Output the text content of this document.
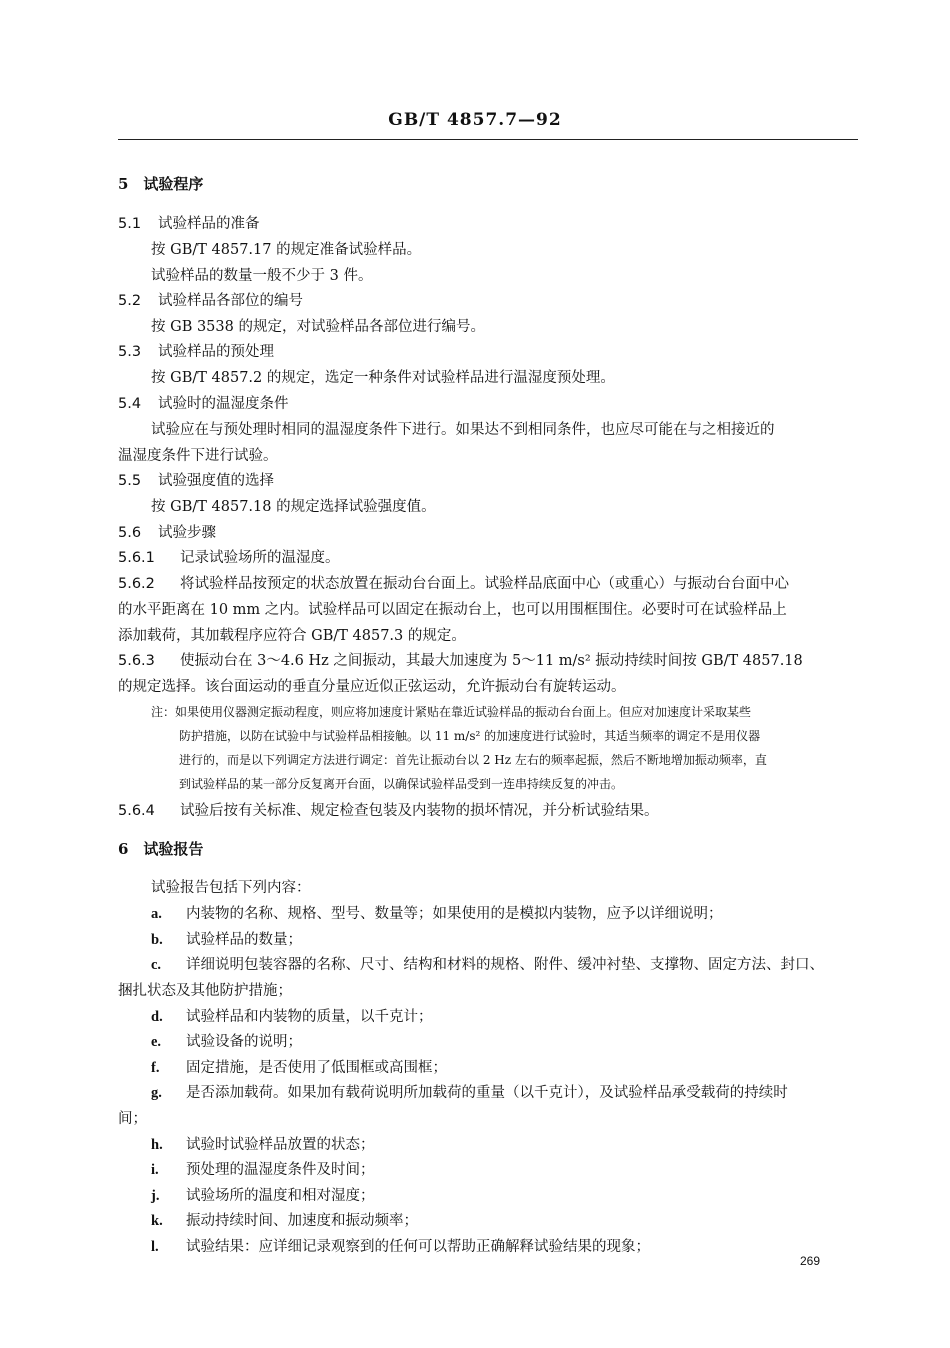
GB/T 4857.7—92
5　试验程序
5.1 试验样品的准备
按 GB/T 4857.17 的规定准备试验样品。
试验样品的数量一般不少于 3 件。
5.2 试验样品各部位的编号
按 GB 3538 的规定，对试验样品各部位进行编号。
5.3 试验样品的预处理
按 GB/T 4857.2 的规定，选定一种条件对试验样品进行温湿度预处理。
5.4 试验时的温湿度条件
试验应在与预处理时相同的温湿度条件下进行。如果达不到相同条件，也应尽可能在与之相接近的
温湿度条件下进行试验。
5.5 试验强度值的选择
按 GB/T 4857.18 的规定选择试验强度值。
5.6 试验步骤
5.6.1 记录试验场所的温湿度。
5.6.2 将试验样品按预定的状态放置在振动台台面上。试验样品底面中心（或重心）与振动台台面中心
的水平距离在 10 mm 之内。试验样品可以固定在振动台上，也可以用围框围住。必要时可在试验样品上
添加载荷，其加载程序应符合 GB/T 4857.3 的规定。
5.6.3 使振动台在 3～4.6 Hz 之间振动，其最大加速度为 5～11 m/s² 振动持续时间按 GB/T 4857.18
的规定选择。该台面运动的垂直分量应近似正弦运动，允许振动台有旋转运动。
注：如果使用仪器测定振动程度，则应将加速度计紧贴在靠近试验样品的振动台台面上。但应对加速度计采取某些
防护措施，以防在试验中与试验样品相接触。以 11 m/s² 的加速度进行试验时，其适当频率的调定不是用仪器
进行的，而是以下列调定方法进行调定：首先让振动台以 2 Hz 左右的频率起振，然后不断地增加振动频率，直
到试验样品的某一部分反复离开台面，以确保试验样品受到一连串持续反复的冲击。
5.6.4 试验后按有关标准、规定检查包装及内装物的损坏情况，并分析试验结果。
6　试验报告
试验报告包括下列内容：
a. 内装物的名称、规格、型号、数量等；如果使用的是模拟内装物，应予以详细说明；
b. 试验样品的数量；
c. 详细说明包装容器的名称、尺寸、结构和材料的规格、附件、缓冲衬垫、支撑物、固定方法、封口、
捆扎状态及其他防护措施；
d. 试验样品和内装物的质量，以千克计；
e. 试验设备的说明；
f. 固定措施，是否使用了低围框或高围框；
g. 是否添加载荷。如果加有载荷说明所加载荷的重量（以千克计），及试验样品承受载荷的持续时
间；
h. 试验时试验样品放置的状态；
i. 预处理的温湿度条件及时间；
j. 试验场所的温度和相对湿度；
k. 振动持续时间、加速度和振动频率；
l. 试验结果：应详细记录观察到的任何可以帮助正确解释试验结果的现象；
269
